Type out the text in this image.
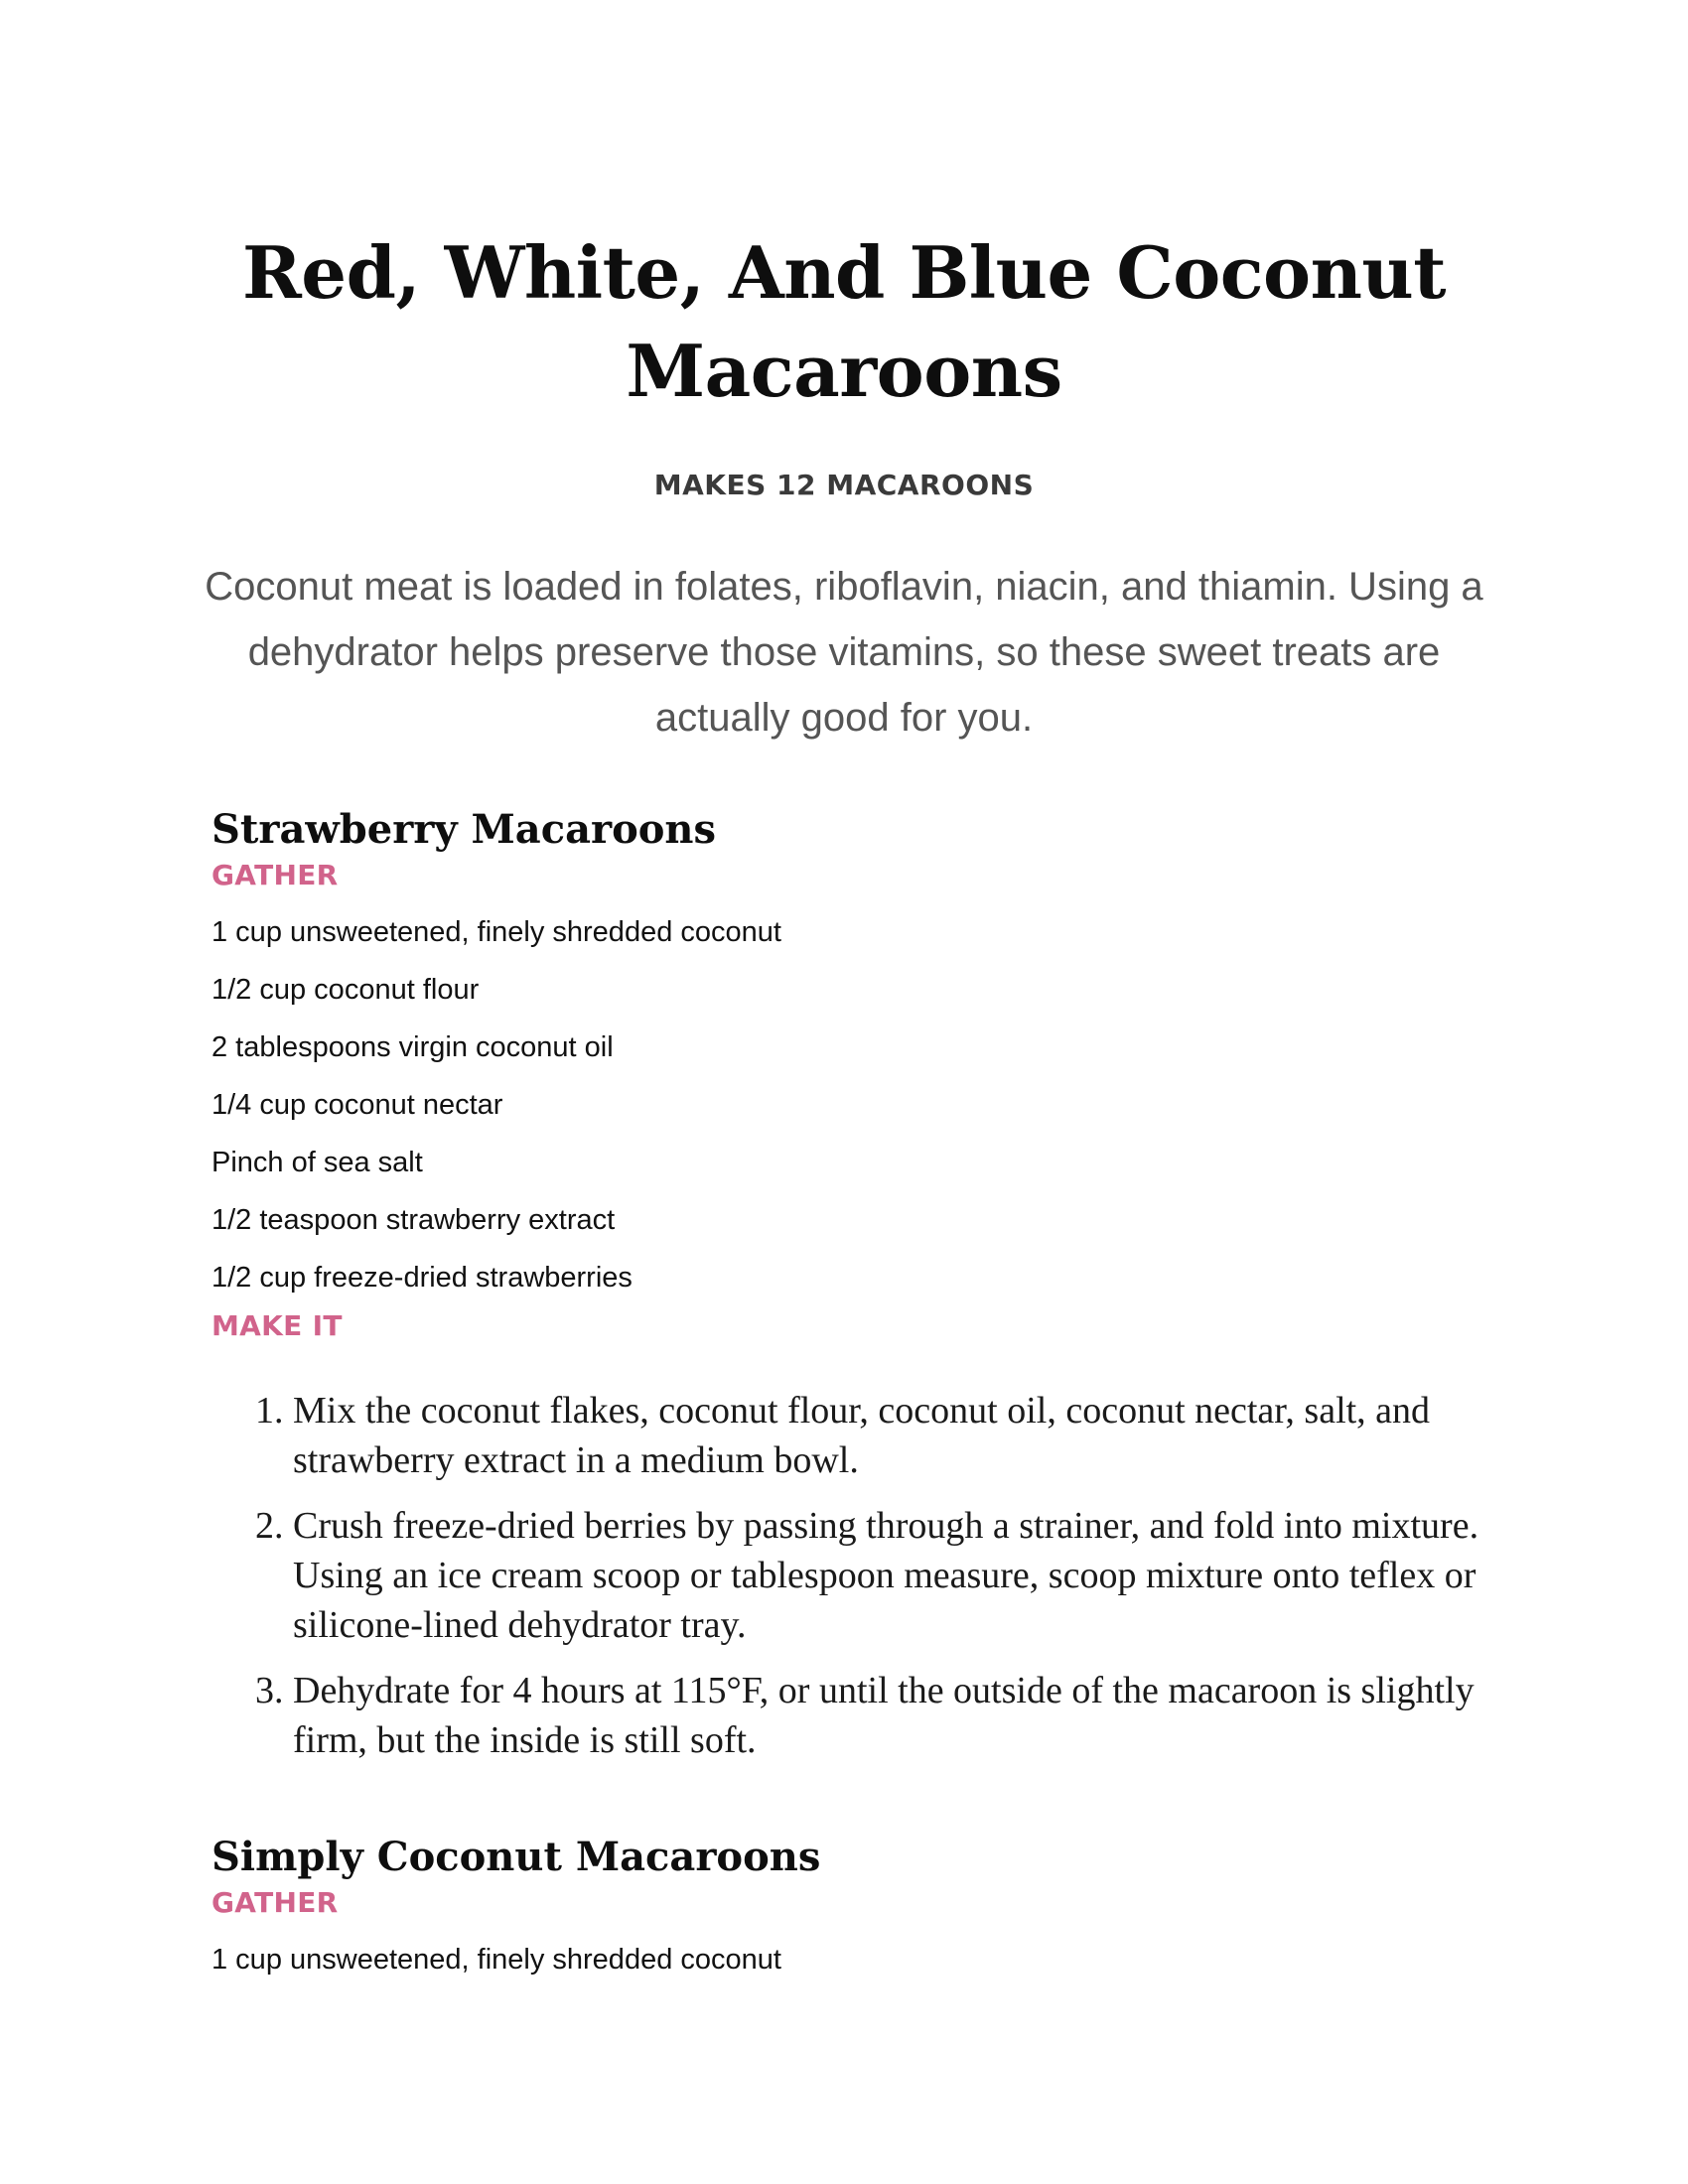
Red, White, And Blue Coconut Macaroons
MAKES 12 MACAROONS

Coconut meat is loaded in folates, riboflavin, niacin, and thiamin. Using a dehydrator helps preserve those vitamins, so these sweet treats are actually good for you.

Strawberry Macaroons
GATHER
1 cup unsweetened, finely shredded coconut
1/2 cup coconut flour
2 tablespoons virgin coconut oil
1/4 cup coconut nectar
Pinch of sea salt
1/2 teaspoon strawberry extract
1/2 cup freeze-dried strawberries
MAKE IT
1. Mix the coconut flakes, coconut flour, coconut oil, coconut nectar, salt, and strawberry extract in a medium bowl.
2. Crush freeze-dried berries by passing through a strainer, and fold into mixture. Using an ice cream scoop or tablespoon measure, scoop mixture onto teflex or silicone-lined dehydrator tray.
3. Dehydrate for 4 hours at 115°F, or until the outside of the macaroon is slightly firm, but the inside is still soft.
Simply Coconut Macaroons
GATHER
1 cup unsweetened, finely shredded coconut
